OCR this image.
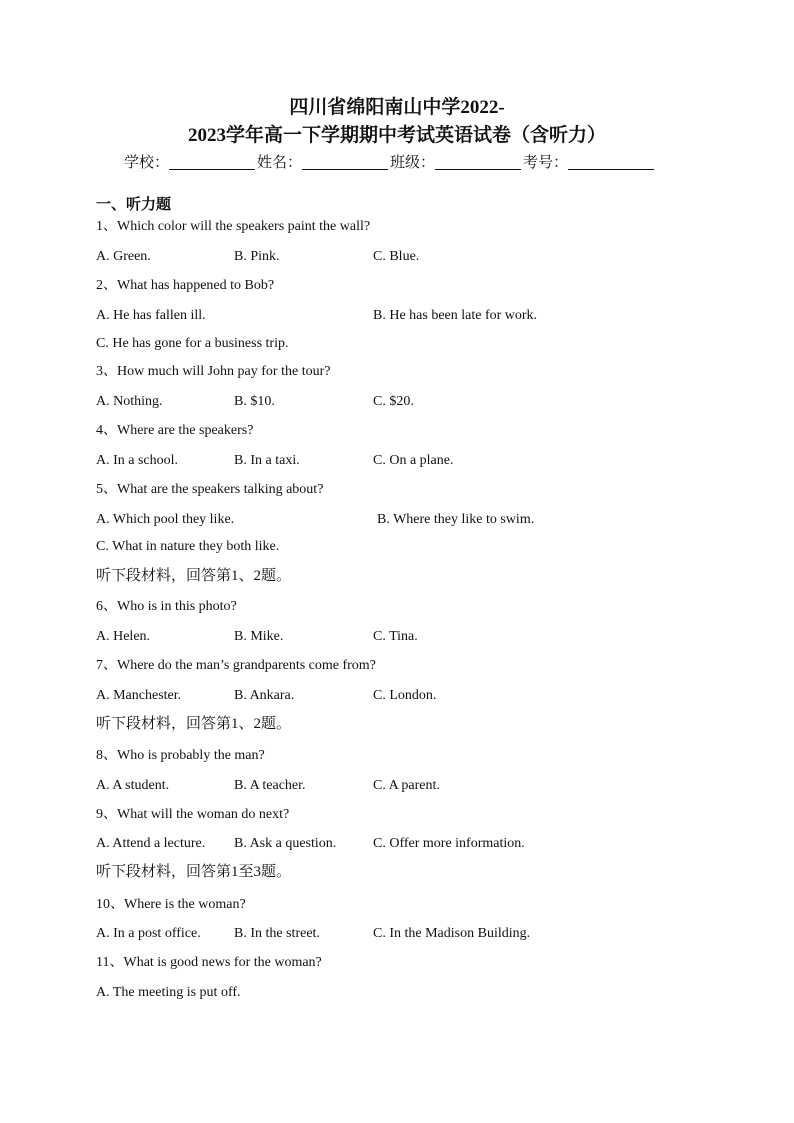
四川省绵阳南山中学2022-
2023学年高一下学期期中考试英语试卷（含听力）
学校：	姓名：	班级：	考号：
一、听力题
1、Which color will the speakers paint the wall?
A. Green.	B. Pink.	C. Blue.
2、What has happened to Bob?
A. He has fallen ill.	B. He has been late for work.
C. He has gone for a business trip.
3、How much will John pay for the tour?
A. Nothing.	B. $10.	C. $20.
4、Where are the speakers?
A. In a school.	B. In a taxi.	C. On a plane.
5、What are the speakers talking about?
A. Which pool they like.	B. Where they like to swim.
C. What in nature they both like.
听下段材料，回答第1、2题。
6、Who is in this photo?
A. Helen.	B. Mike.	C. Tina.
7、Where do the man’s grandparents come from?
A. Manchester.	B. Ankara.	C. London.
听下段材料，回答第1、2题。
8、Who is probably the man?
A. A student.	B. A teacher.	C. A parent.
9、What will the woman do next?
A. Attend a lecture. B. Ask a question.	C. Offer more information.
听下段材料，回答第1至3题。
10、Where is the woman?
A. In a post office. B. In the street.	C. In the Madison Building.
11、What is good news for the woman?
A. The meeting is put off.
